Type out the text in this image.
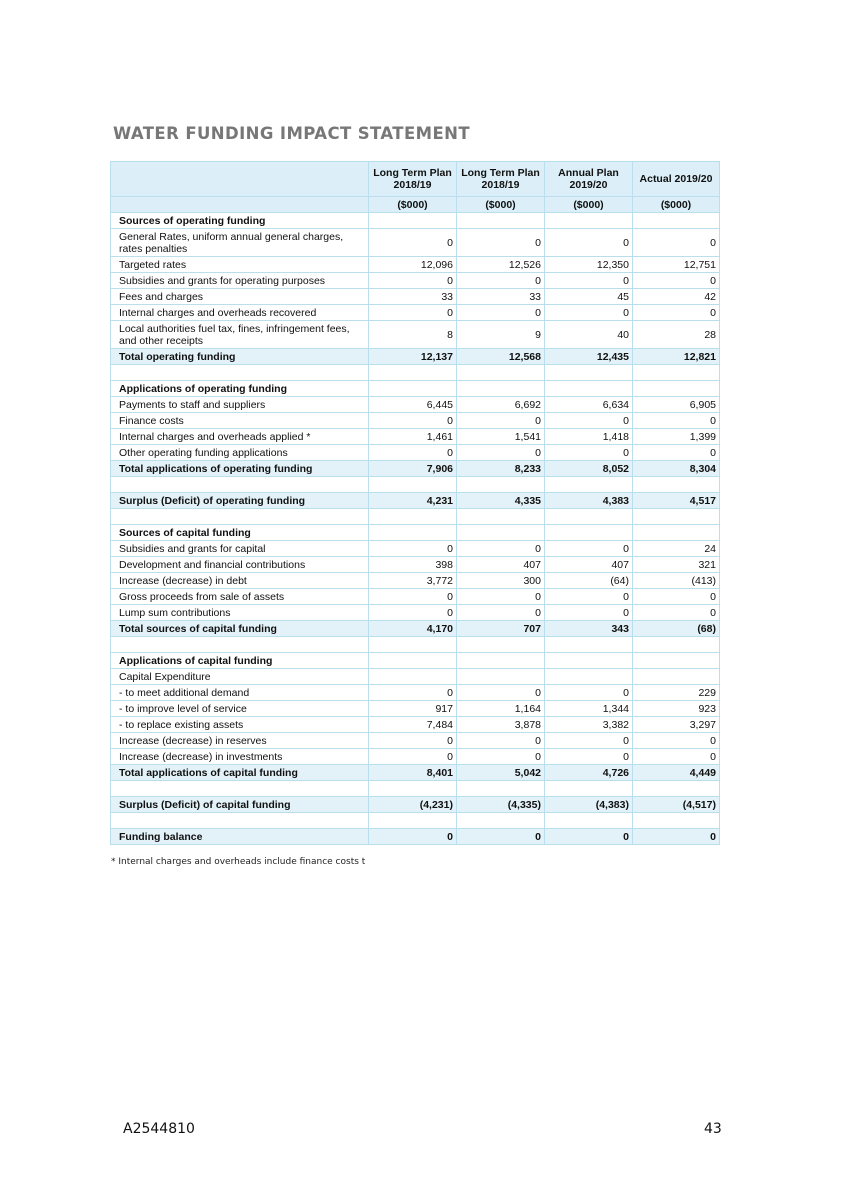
WATER FUNDING IMPACT STATEMENT
	Long Term Plan 2018/19	Long Term Plan 2018/19	Annual Plan 2019/20	Actual 2019/20
	($000)	($000)	($000)	($000)
Sources of operating funding				
General Rates, uniform annual general charges, rates penalties	0	0	0	0
Targeted rates	12,096	12,526	12,350	12,751
Subsidies and grants for operating purposes	0	0	0	0
Fees and charges	33	33	45	42
Internal charges and overheads recovered	0	0	0	0
Local authorities fuel tax, fines, infringement fees, and other receipts	8	9	40	28
Total operating funding	12,137	12,568	12,435	12,821

Applications of operating funding				
Payments to staff and suppliers	6,445	6,692	6,634	6,905
Finance costs	0	0	0	0
Internal charges and overheads applied *	1,461	1,541	1,418	1,399
Other operating funding applications	0	0	0	0
Total applications of operating funding	7,906	8,233	8,052	8,304

Surplus (Deficit) of operating funding	4,231	4,335	4,383	4,517

Sources of capital funding				
Subsidies and grants for capital	0	0	0	24
Development and financial contributions	398	407	407	321
Increase (decrease) in debt	3,772	300	(64)	(413)
Gross proceeds from sale of assets	0	0	0	0
Lump sum contributions	0	0	0	0
Total sources of capital funding	4,170	707	343	(68)

Applications of capital funding				
Capital Expenditure				
- to meet additional demand	0	0	0	229
- to improve level of service	917	1,164	1,344	923
- to replace existing assets	7,484	3,878	3,382	3,297
Increase (decrease) in reserves	0	0	0	0
Increase (decrease) in investments	0	0	0	0
Total applications of capital funding	8,401	5,042	4,726	4,449

Surplus (Deficit) of capital funding	(4,231)	(4,335)	(4,383)	(4,517)

Funding balance	0	0	0	0
* Internal charges and overheads include finance costs t
A2544810	43
